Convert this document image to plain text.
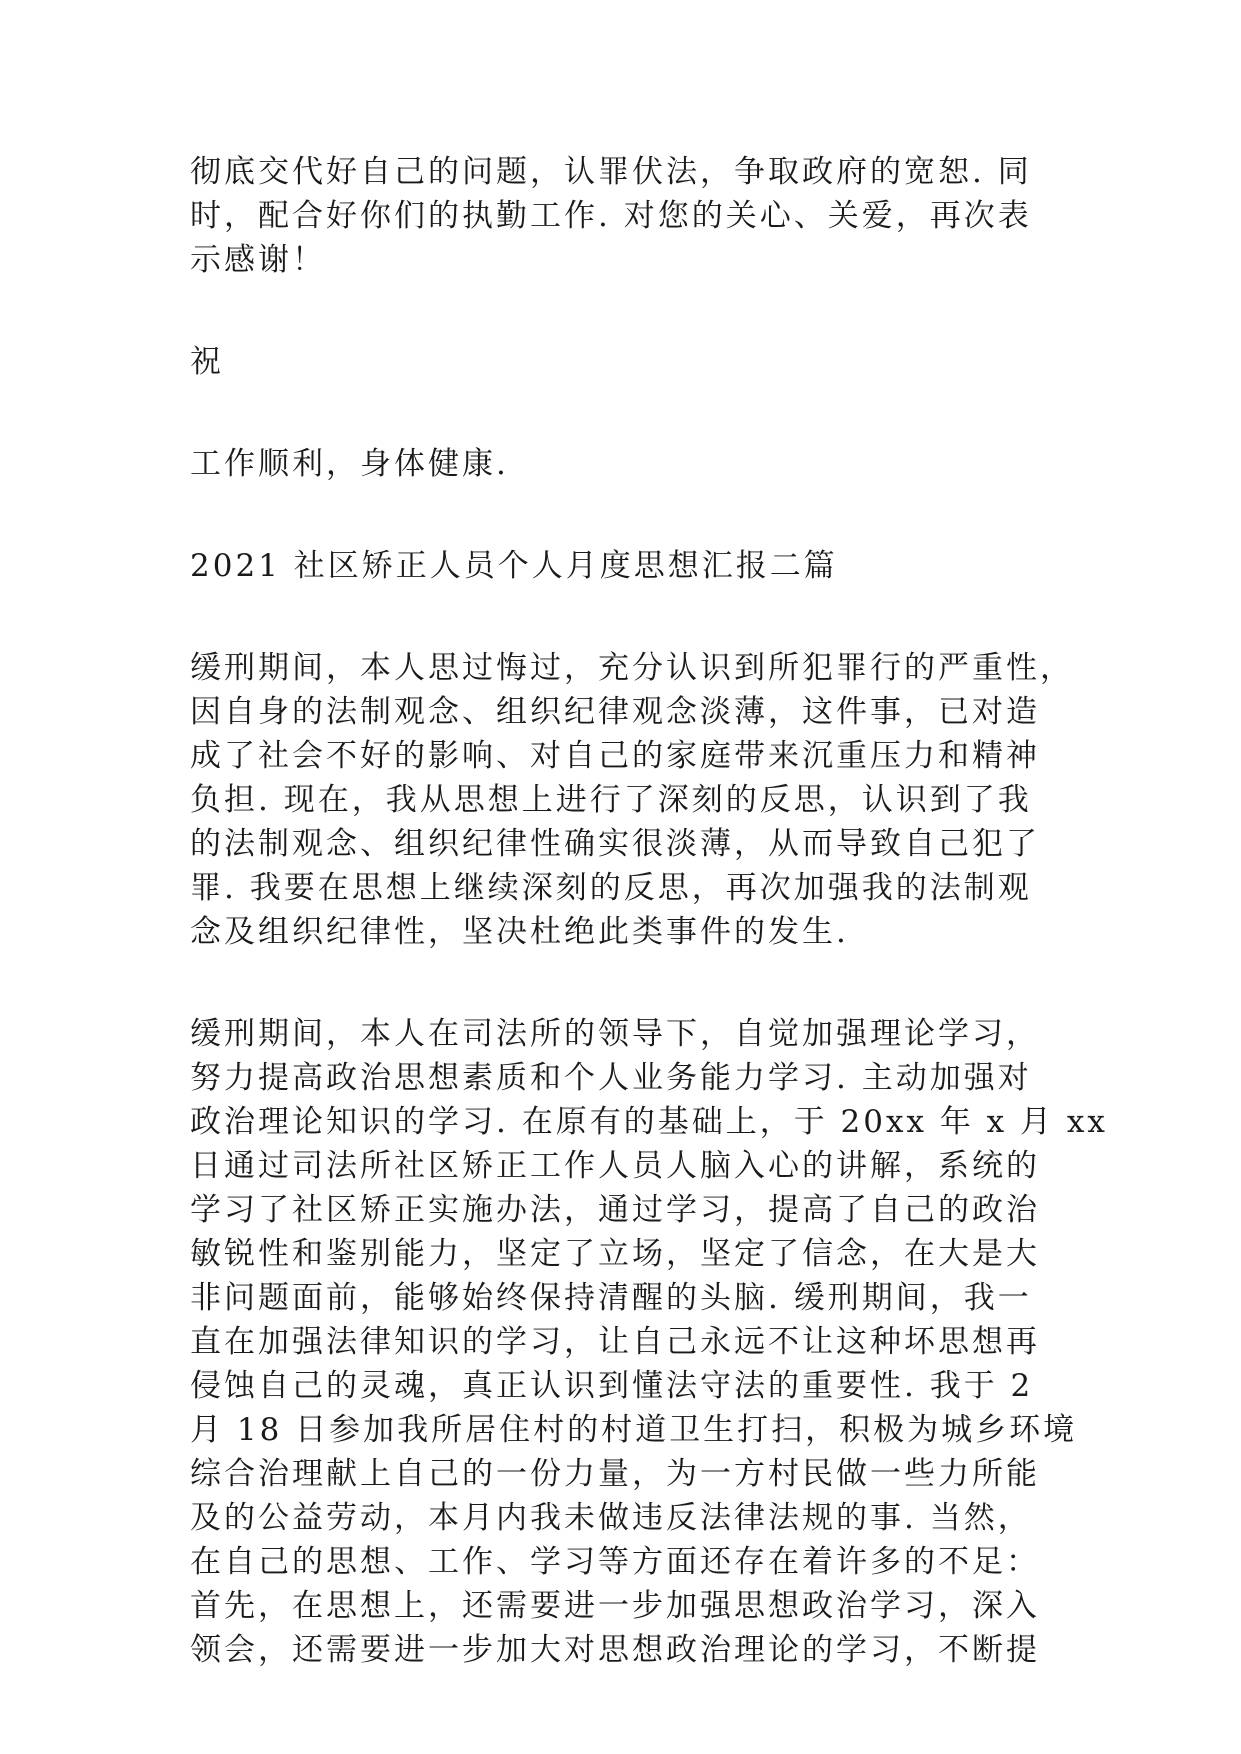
彻底交代好自己的问题，认罪伏法，争取政府的宽恕. 同
时，配合好你们的执勤工作. 对您的关心、关爱，再次表
示感谢！
祝
工作顺利，身体健康.
2021 社区矫正人员个人月度思想汇报二篇
缓刑期间，本人思过悔过，充分认识到所犯罪行的严重性，
因自身的法制观念、组织纪律观念淡薄，这件事，已对造
成了社会不好的影响、对自己的家庭带来沉重压力和精神
负担. 现在，我从思想上进行了深刻的反思，认识到了我
的法制观念、组织纪律性确实很淡薄，从而导致自己犯了
罪. 我要在思想上继续深刻的反思，再次加强我的法制观
念及组织纪律性，坚决杜绝此类事件的发生.
缓刑期间，本人在司法所的领导下，自觉加强理论学习，
努力提高政治思想素质和个人业务能力学习. 主动加强对
政治理论知识的学习. 在原有的基础上，于 20xx 年 x 月 xx
日通过司法所社区矫正工作人员人脑入心的讲解，系统的
学习了社区矫正实施办法，通过学习，提高了自己的政治
敏锐性和鉴别能力，坚定了立场，坚定了信念，在大是大
非问题面前，能够始终保持清醒的头脑. 缓刑期间，我一
直在加强法律知识的学习，让自己永远不让这种坏思想再
侵蚀自己的灵魂，真正认识到懂法守法的重要性. 我于 2
月 18 日参加我所居住村的村道卫生打扫，积极为城乡环境
综合治理献上自己的一份力量，为一方村民做一些力所能
及的公益劳动，本月内我未做违反法律法规的事. 当然，
在自己的思想、工作、学习等方面还存在着许多的不足：
首先，在思想上，还需要进一步加强思想政治学习，深入
领会，还需要进一步加大对思想政治理论的学习，不断提
